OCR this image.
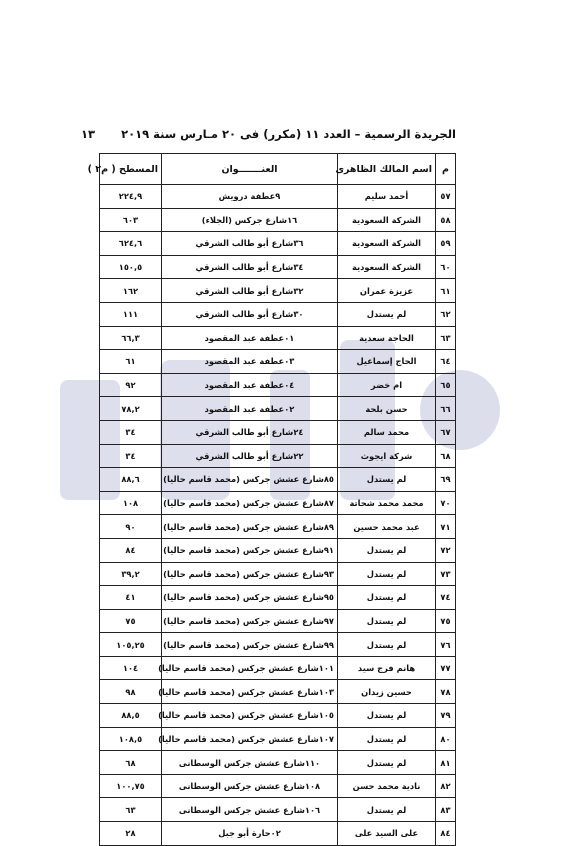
الجريدة الرسمية – العدد ١١ (مكرر) فى ٢٠ مـارس سنة ٢٠١٩
١٣
م	اسم المالك الظاهرى	العنـــــــوان	المسطح ( م٢ )
٥٧	أحمد سليم	٩عطفة درويش	٢٢٤,٩
٥٨	الشركة السعودية	١٦شارع جركس (الجلاء)	٦٠٣
٥٩	الشركة السعودية	٣٦شارع أبو طالب الشرقي	٦٢٤,٦
٦٠	الشركة السعودية	٣٤شارع أبو طالب الشرقي	١٥٠,٥
٦١	عزيزة عمران	٣٢شارع أبو طالب الشرقي	١٦٢
٦٢	لم يستدل	٣٠شارع أبو طالب الشرقي	١١١
٦٣	الحاجة سعدية	٠١عطفة عبد المقصود	٦٦,٣
٦٤	الحاج إسماعيل	٠٣عطفة عبد المقصود	٦١
٦٥	ام خضر	٠٤عطفة عبد المقصود	٩٢
٦٦	حسن بلحة	٠٢عطفة عبد المقصود	٧٨,٢
٦٧	محمد سالم	٢٤شارع أبو طالب الشرقي	٣٤
٦٨	شركة ايجوث	٢٢شارع أبو طالب الشرقي	٣٤
٦٩	لم يستدل	٨٥شارع عشش جركس (محمد قاسم حاليا)	٨٨,٦
٧٠	محمد محمد شحاتة	٨٧شارع عشش جركس (محمد قاسم حاليا)	١٠٨
٧١	عبد محمد حسين	٨٩شارع عشش جركس (محمد قاسم حاليا)	٩٠
٧٢	لم يستدل	٩١شارع عشش جركس (محمد قاسم حاليا)	٨٤
٧٣	لم يستدل	٩٣شارع عشش جركس (محمد قاسم حاليا)	٣٩,٢
٧٤	لم يستدل	٩٥شارع عشش جركس (محمد قاسم حاليا)	٤١
٧٥	لم يستدل	٩٧شارع عشش جركس (محمد قاسم حاليا)	٧٥
٧٦	لم يستدل	٩٩شارع عشش جركس (محمد قاسم حاليا)	١٠٥,٢٥
٧٧	هانم فرج سيد	١٠١شارع عشش جركس (محمد قاسم حاليا)	١٠٤
٧٨	حسين زيدان	١٠٣شارع عشش جركس (محمد قاسم حاليا)	٩٨
٧٩	لم يستدل	١٠٥شارع عشش جركس (محمد قاسم حاليا)	٨٨,٥
٨٠	لم يستدل	١٠٧شارع عشش جركس (محمد قاسم حاليا)	١٠٨,٥
٨١	لم يستدل	١١٠شارع عشش جركس الوسطانى	٦٨
٨٢	نادية محمد حسن	١٠٨شارع عشش جركس الوسطانى	١٠٠,٧٥
٨٣	لم يستدل	١٠٦شارع عشش جركس الوسطانى	٦٣
٨٤	على السيد على	٠٢حارة أبو جبل	٢٨
